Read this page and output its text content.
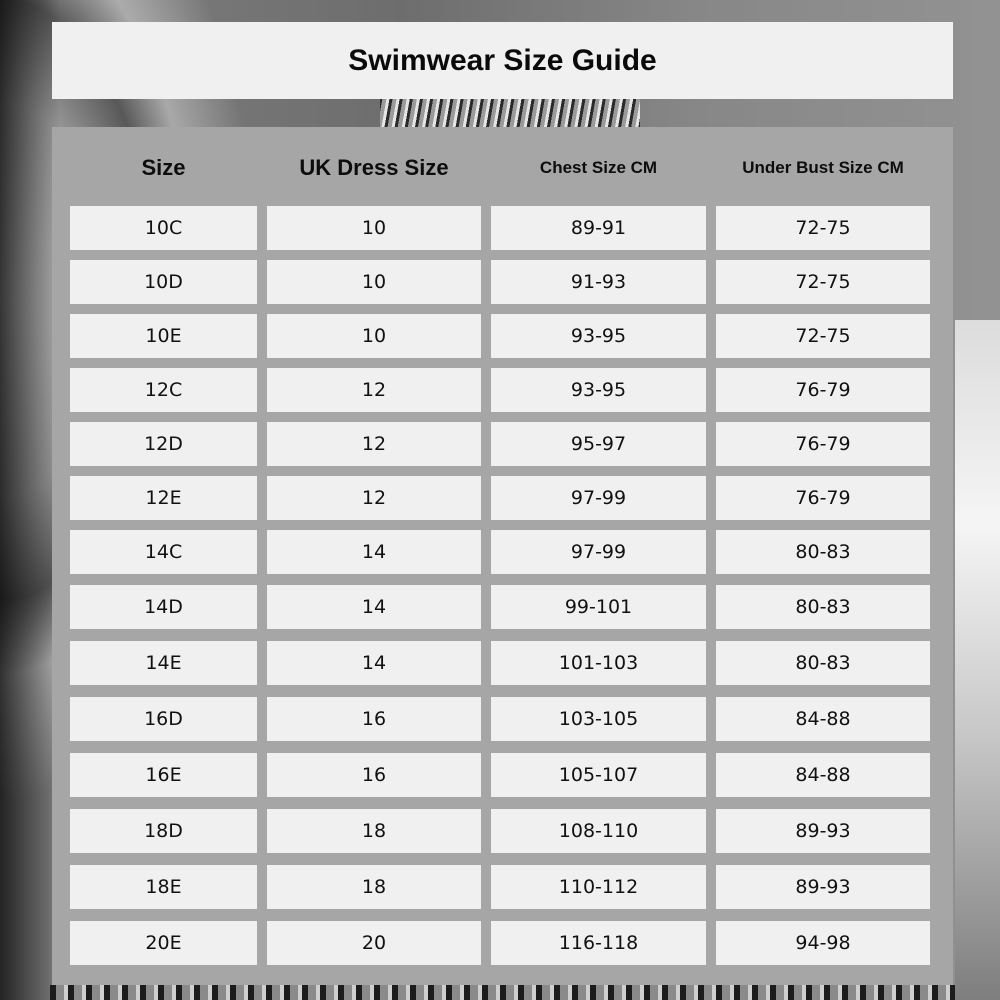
Swimwear Size Guide
Size	UK Dress Size	Chest Size CM	Under Bust Size CM
10C	10	89-91	72-75
10D	10	91-93	72-75
10E	10	93-95	72-75
12C	12	93-95	76-79
12D	12	95-97	76-79
12E	12	97-99	76-79
14C	14	97-99	80-83
14D	14	99-101	80-83
14E	14	101-103	80-83
16D	16	103-105	84-88
16E	16	105-107	84-88
18D	18	108-110	89-93
18E	18	110-112	89-93
20E	20	116-118	94-98
